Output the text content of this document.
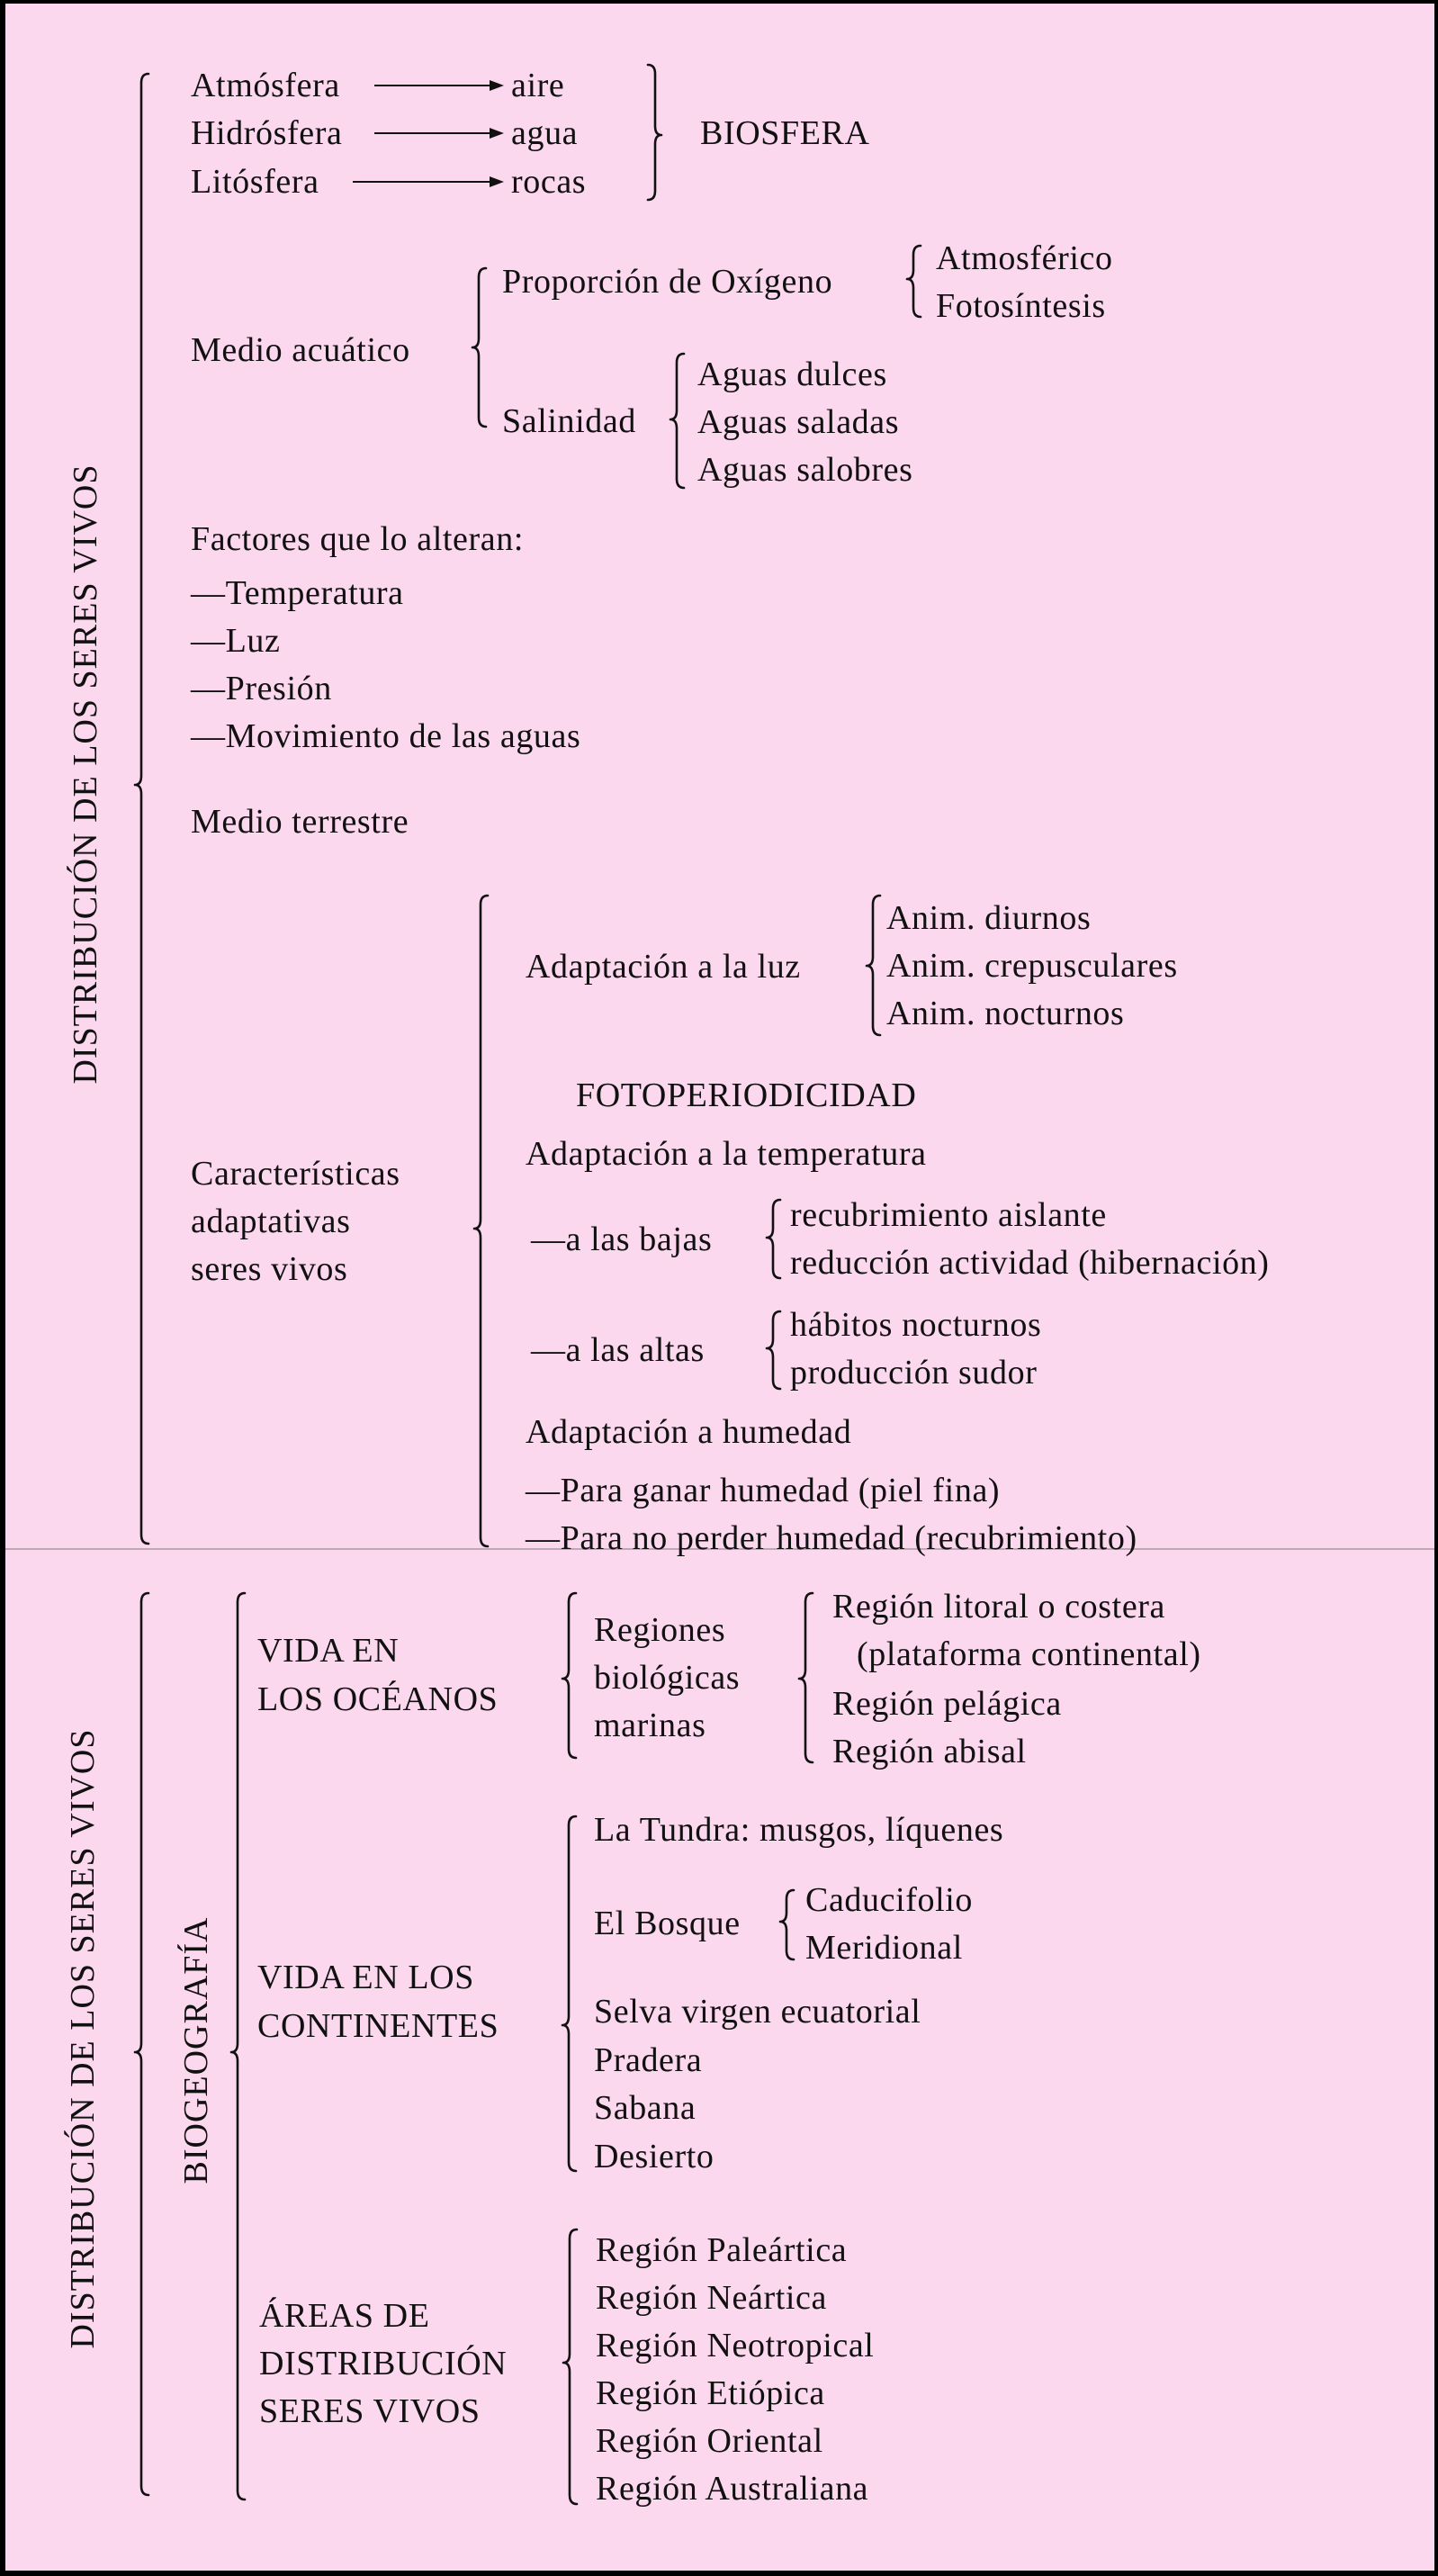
DISTRIBUCIÓN DE LOS SERES VIVOS
DISTRIBUCIÓN DE LOS SERES VIVOS BIOGEOGRAFÍA
Atmósfera
Hidrósfera
Litósfera
aire
agua
rocas
BIOSFERA
Medio acuático
Proporción de Oxígeno
Atmosférico
Fotosíntesis
Salinidad
Aguas dulces
Aguas saladas
Aguas salobres
Factores que lo alteran:
—Temperatura
—Luz
—Presión
—Movimiento de las aguas
Medio terrestre
Características
adaptativas
seres vivos
Adaptación a la luz
Anim. diurnos
Anim. crepusculares
Anim. nocturnos
FOTOPERIODICIDAD
Adaptación a la temperatura
—a las bajas
recubrimiento aislante
reducción actividad (hibernación)
—a las altas
hábitos nocturnos
producción sudor
Adaptación a humedad
—Para ganar humedad (piel fina)
—Para no perder humedad (recubrimiento)
VIDA EN
LOS OCÉANOS
Regiones
biológicas
marinas
Región litoral o costera
(plataforma continental)
Región pelágica
Región abisal
VIDA EN LOS
CONTINENTES
La Tundra: musgos, líquenes
El Bosque
Caducifolio
Meridional
Selva virgen ecuatorial
Pradera
Sabana
Desierto
ÁREAS DE
DISTRIBUCIÓN
SERES VIVOS
Región Paleártica
Región Neártica
Región Neotropical
Región Etiópica
Región Oriental
Región Australiana
